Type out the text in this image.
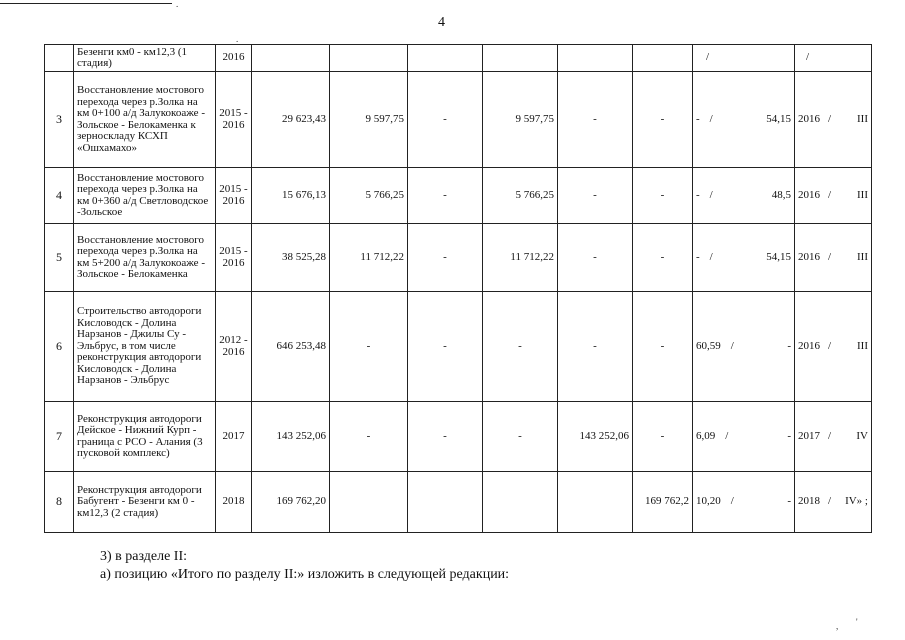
.
.
, '
4
	Безенги км0 - км12,3 (1 стадия)	2016							/	/

3	Восстановление мостового перехода через р.Золка на км 0+100 а/д Залукокоаже - Зольское - Белокаменка к зерноскладу КСХП «Ошхамахо»	2015 - 2016	29 623,43	9 597,75	-	9 597,75	-	-	- / 54,15	2016 / III

4	Восстановление мостового перехода через р.Золка на км 0+360 а/д Светловодское -Зольское	2015 - 2016	15 676,13	5 766,25	-	5 766,25	-	-	- / 48,5	2016 / III

5	Восстановление мостового перехода через р.Золка на км 5+200 а/д Залукокоаже - Зольское - Белокаменка	2015 - 2016	38 525,28	11 712,22	-	11 712,22	-	-	- / 54,15	2016 / III

6	Строительство автодороги Кисловодск - Долина Нарзанов - Джилы Су - Эльбрус, в том числе реконструкция автодороги Кисловодск - Долина Нарзанов - Эльбрус	2012 - 2016	646 253,48	-	-	-	-	-	60,59 / -	2016 / III

7	Реконструкция автодороги Дейское - Нижний Курп - граница с РСО - Алания (3 пусковой комплекс)	2017	143 252,06	-	-	-	143 252,06	-	6,09 / -	2017 / IV

8	Реконструкция автодороги Бабугент - Безенги км 0 - км12,3 (2 стадия)	2018	169 762,20					169 762,2	10,20 / -	2018 / IV» ;
3) в разделе II:
а) позицию «Итого по разделу II:» изложить в следующей редакции:
